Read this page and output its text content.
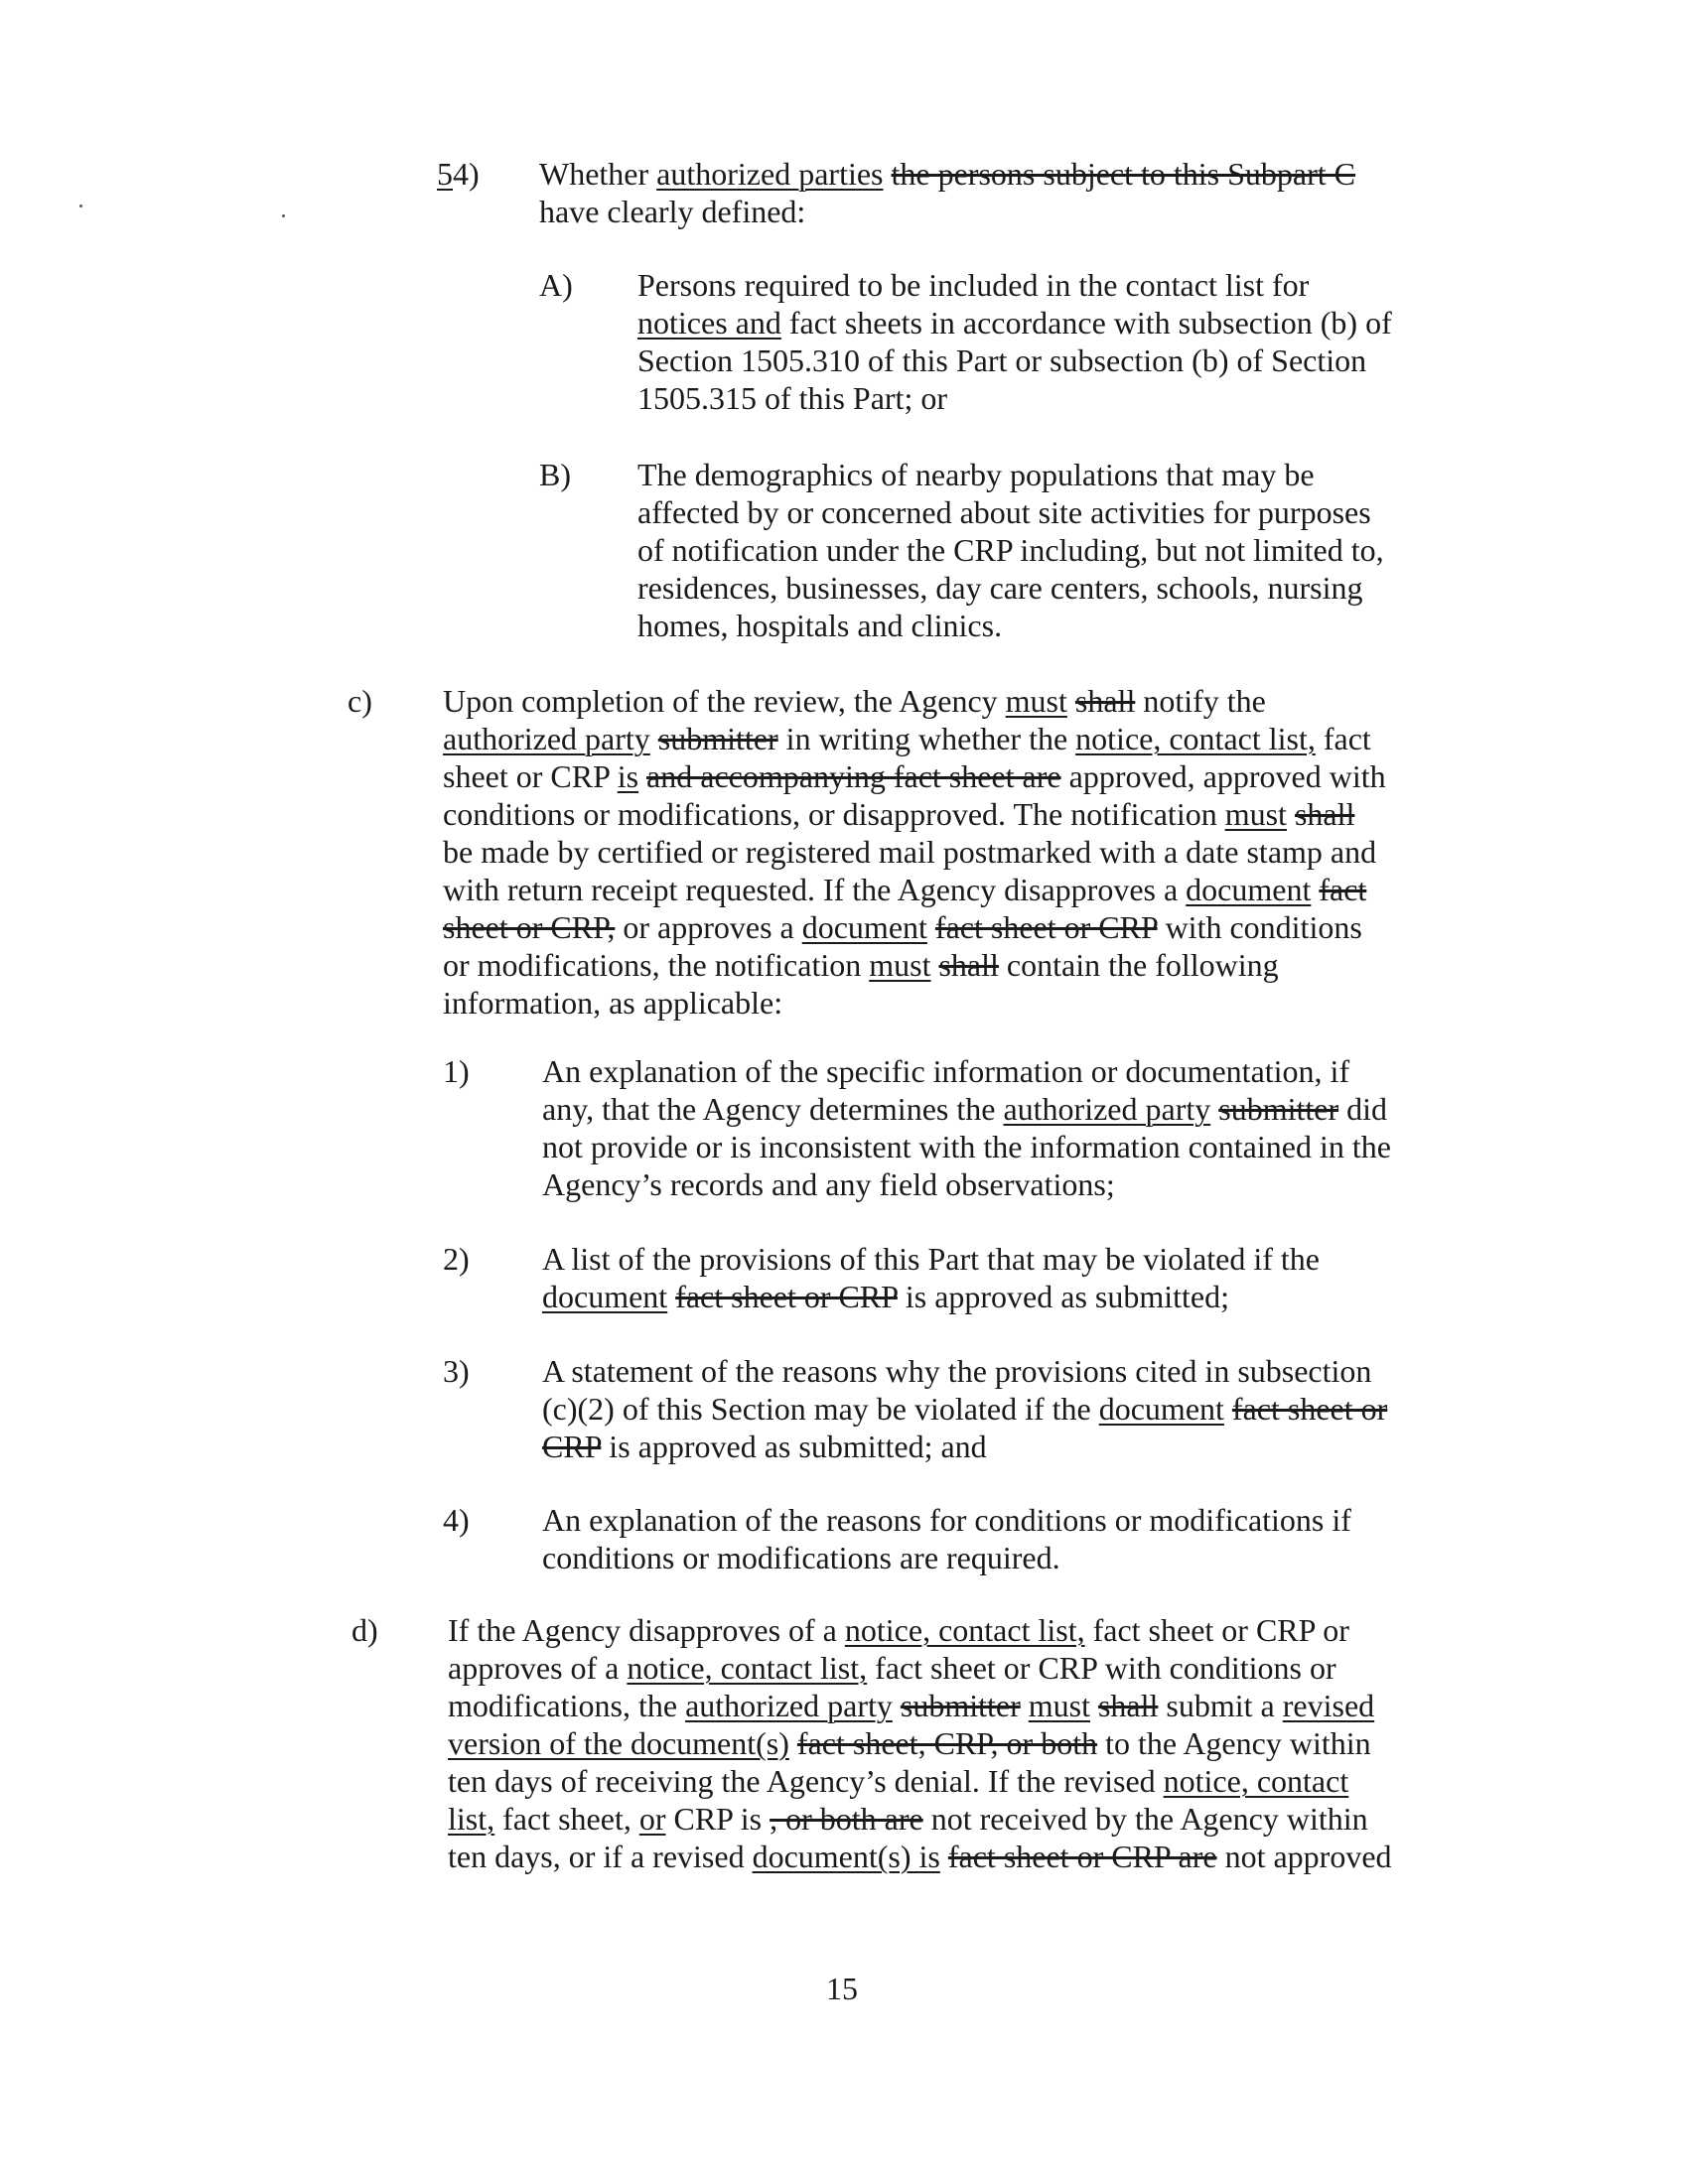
54) Whether authorized parties the persons subject to this Subpart C
have clearly defined:
A) Persons required to be included in the contact list for
notices and fact sheets in accordance with subsection (b) of
Section 1505.310 of this Part or subsection (b) of Section
1505.315 of this Part; or
B) The demographics of nearby populations that may be
affected by or concerned about site activities for purposes
of notification under the CRP including, but not limited to,
residences, businesses, day care centers, schools, nursing
homes, hospitals and clinics.
c) Upon completion of the review, the Agency must shall notify the
authorized party submitter in writing whether the notice, contact list, fact
sheet or CRP is and accompanying fact sheet are approved, approved with
conditions or modifications, or disapproved. The notification must shall
be made by certified or registered mail postmarked with a date stamp and
with return receipt requested. If the Agency disapproves a document fact
sheet or CRP, or approves a document fact sheet or CRP with conditions
or modifications, the notification must shall contain the following
information, as applicable:
1) An explanation of the specific information or documentation, if
any, that the Agency determines the authorized party submitter did
not provide or is inconsistent with the information contained in the
Agency’s records and any field observations;
2) A list of the provisions of this Part that may be violated if the
document fact sheet or CRP is approved as submitted;
3) A statement of the reasons why the provisions cited in subsection
(c)(2) of this Section may be violated if the document fact sheet or
CRP is approved as submitted; and
4) An explanation of the reasons for conditions or modifications if
conditions or modifications are required.
d) If the Agency disapproves of a notice, contact list, fact sheet or CRP or
approves of a notice, contact list, fact sheet or CRP with conditions or
modifications, the authorized party submitter must shall submit a revised
version of the document(s) fact sheet, CRP, or both to the Agency within
ten days of receiving the Agency’s denial. If the revised notice, contact
list, fact sheet, or CRP is , or both are not received by the Agency within
ten days, or if a revised document(s) is fact sheet or CRP are not approved
15
